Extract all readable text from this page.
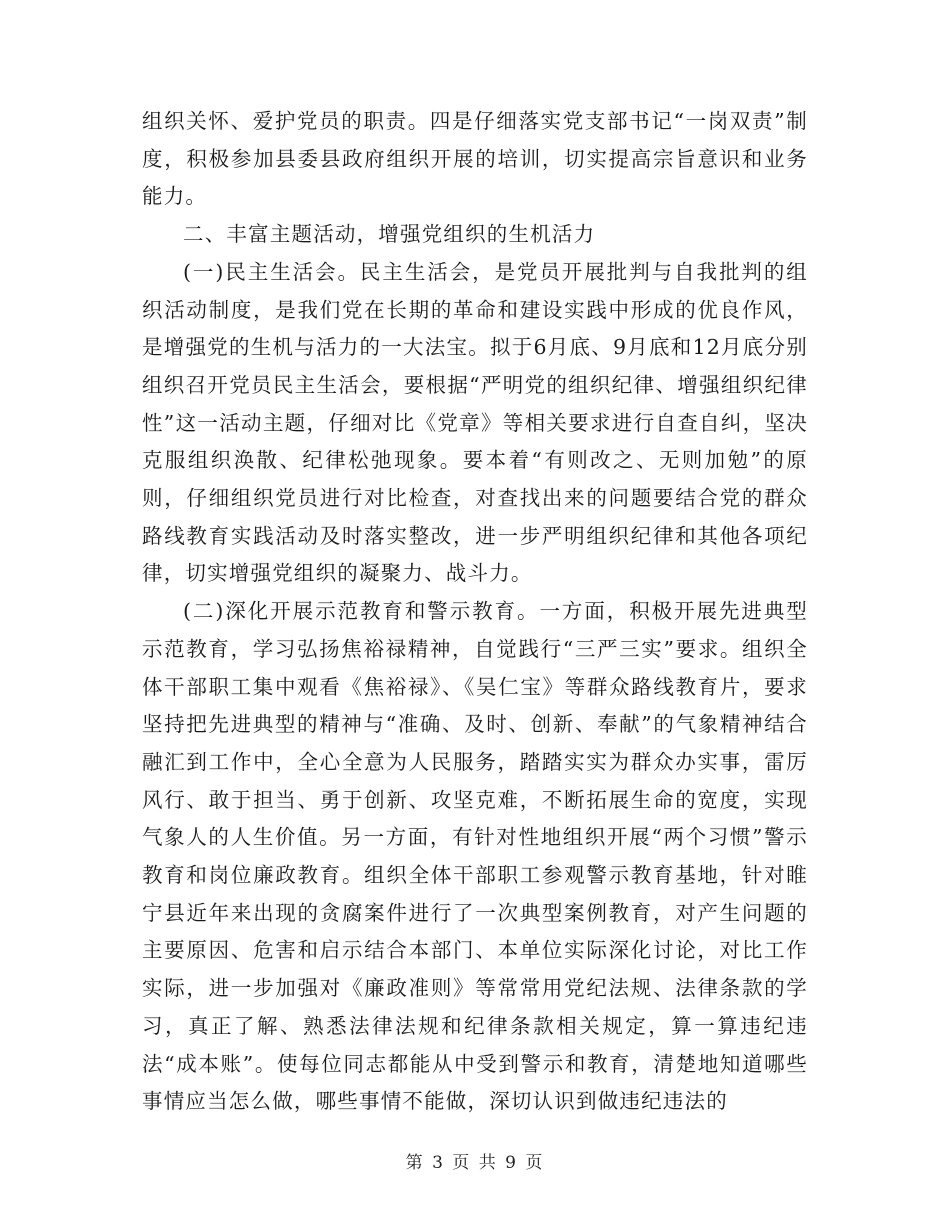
组织关怀、爱护党员的职责。四是仔细落实党支部书记“一岗双责”制度，积极参加县委县政府组织开展的培训，切实提高宗旨意识和业务能力。

二、丰富主题活动，增强党组织的生机活力

(一)民主生活会。民主生活会，是党员开展批判与自我批判的组织活动制度，是我们党在长期的革命和建设实践中形成的优良作风，是增强党的生机与活力的一大法宝。拟于6月底、9月底和12月底分别组织召开党员民主生活会，要根据“严明党的组织纪律、增强组织纪律性”这一活动主题，仔细对比《党章》等相关要求进行自查自纠，坚决克服组织涣散、纪律松弛现象。要本着“有则改之、无则加勉”的原则，仔细组织党员进行对比检查，对查找出来的问题要结合党的群众路线教育实践活动及时落实整改，进一步严明组织纪律和其他各项纪律，切实增强党组织的凝聚力、战斗力。

(二)深化开展示范教育和警示教育。一方面，积极开展先进典型示范教育，学习弘扬焦裕禄精神，自觉践行“三严三实”要求。组织全体干部职工集中观看《焦裕禄》、《吴仁宝》等群众路线教育片，要求坚持把先进典型的精神与“准确、及时、创新、奉献”的气象精神结合融汇到工作中，全心全意为人民服务，踏踏实实为群众办实事，雷厉风行、敢于担当、勇于创新、攻坚克难，不断拓展生命的宽度，实现气象人的人生价值。另一方面，有针对性地组织开展“两个习惯”警示教育和岗位廉政教育。组织全体干部职工参观警示教育基地，针对睢宁县近年来出现的贪腐案件进行了一次典型案例教育，对产生问题的主要原因、危害和启示结合本部门、本单位实际深化讨论，对比工作实际，进一步加强对《廉政准则》等常常用党纪法规、法律条款的学习，真正了解、熟悉法律法规和纪律条款相关规定，算一算违纪违法“成本账”。使每位同志都能从中受到警示和教育，清楚地知道哪些事情应当怎么做，哪些事情不能做，深切认识到做违纪违法的

第 3 页 共 9 页
